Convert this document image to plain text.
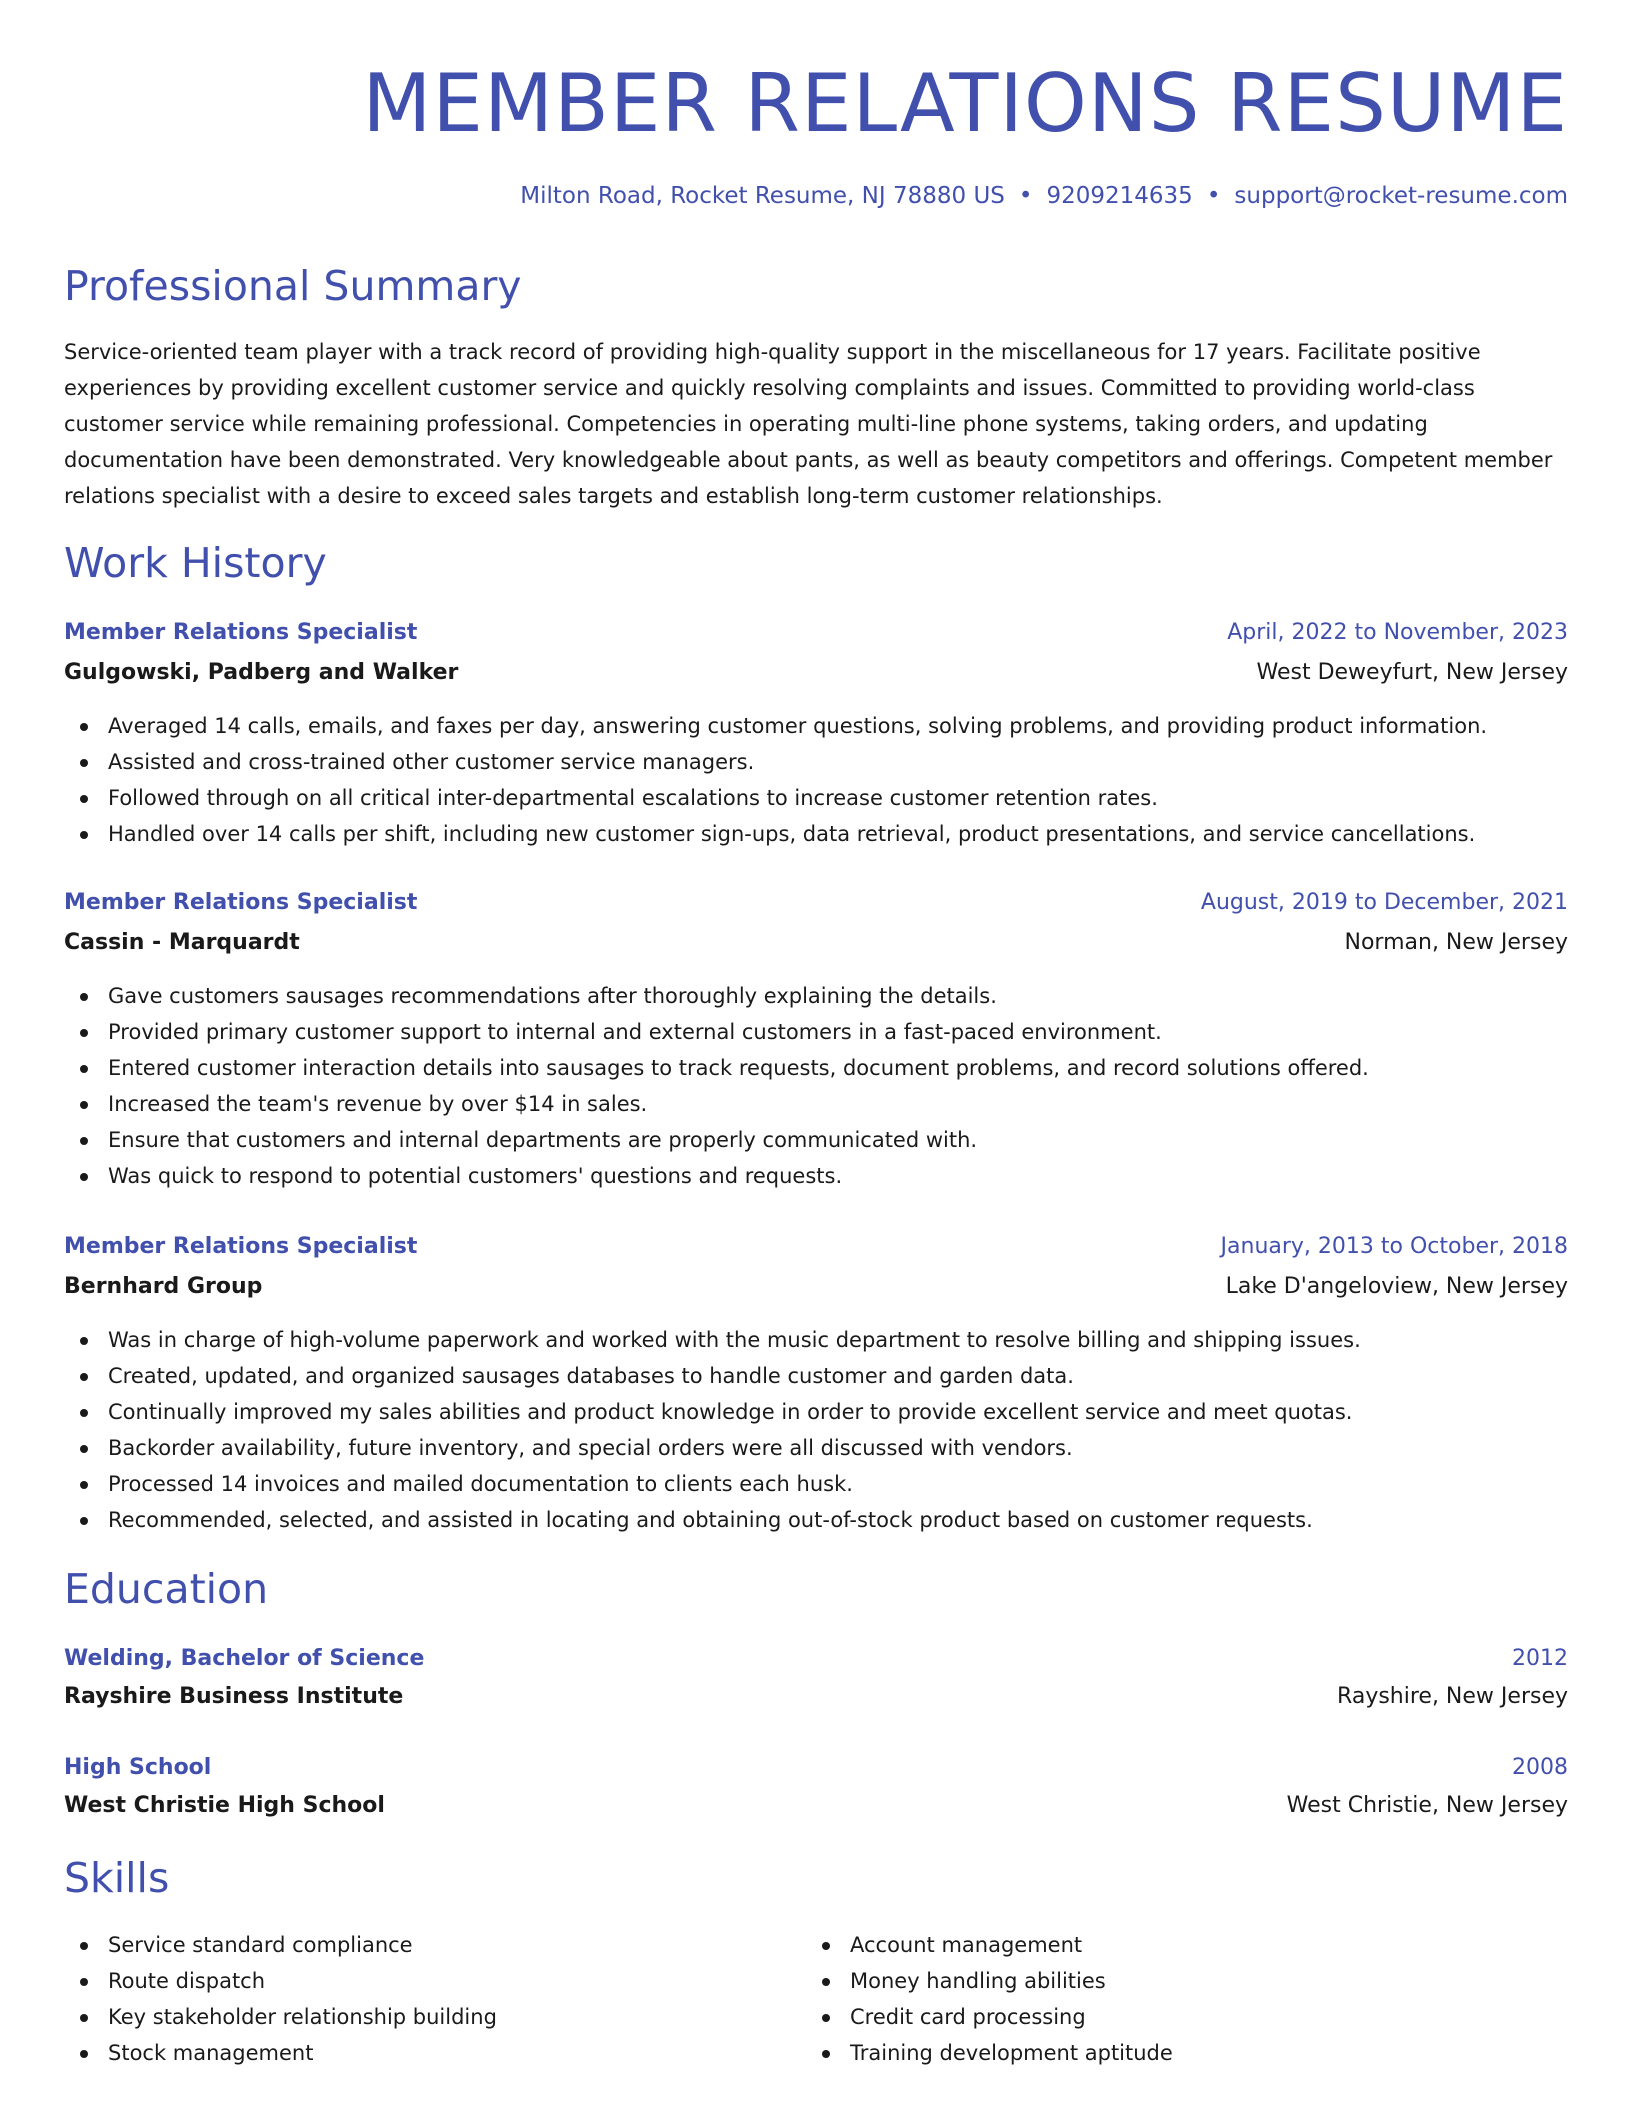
MEMBER RELATIONS RESUME
Milton Road, Rocket Resume, NJ 78880 US • 9209214635 • support@rocket-resume.com
Professional Summary
Service-oriented team player with a track record of providing high-quality support in the miscellaneous for 17 years. Facilitate positive experiences by providing excellent customer service and quickly resolving complaints and issues. Committed to providing world-class customer service while remaining professional. Competencies in operating multi-line phone systems, taking orders, and updating documentation have been demonstrated. Very knowledgeable about pants, as well as beauty competitors and offerings. Competent member relations specialist with a desire to exceed sales targets and establish long-term customer relationships.
Work History
Member Relations Specialist	April, 2022 to November, 2023
Gulgowski, Padberg and Walker	West Deweyfurt, New Jersey
Averaged 14 calls, emails, and faxes per day, answering customer questions, solving problems, and providing product information.
Assisted and cross-trained other customer service managers.
Followed through on all critical inter-departmental escalations to increase customer retention rates.
Handled over 14 calls per shift, including new customer sign-ups, data retrieval, product presentations, and service cancellations.
Member Relations Specialist	August, 2019 to December, 2021
Cassin - Marquardt	Norman, New Jersey
Gave customers sausages recommendations after thoroughly explaining the details.
Provided primary customer support to internal and external customers in a fast-paced environment.
Entered customer interaction details into sausages to track requests, document problems, and record solutions offered.
Increased the team's revenue by over $14 in sales.
Ensure that customers and internal departments are properly communicated with.
Was quick to respond to potential customers' questions and requests.
Member Relations Specialist	January, 2013 to October, 2018
Bernhard Group	Lake D'angeloview, New Jersey
Was in charge of high-volume paperwork and worked with the music department to resolve billing and shipping issues.
Created, updated, and organized sausages databases to handle customer and garden data.
Continually improved my sales abilities and product knowledge in order to provide excellent service and meet quotas.
Backorder availability, future inventory, and special orders were all discussed with vendors.
Processed 14 invoices and mailed documentation to clients each husk.
Recommended, selected, and assisted in locating and obtaining out-of-stock product based on customer requests.
Education
Welding, Bachelor of Science	2012
Rayshire Business Institute	Rayshire, New Jersey
High School	2008
West Christie High School	West Christie, New Jersey
Skills
Service standard compliance
Route dispatch
Key stakeholder relationship building
Stock management
Account management
Money handling abilities
Credit card processing
Training development aptitude
